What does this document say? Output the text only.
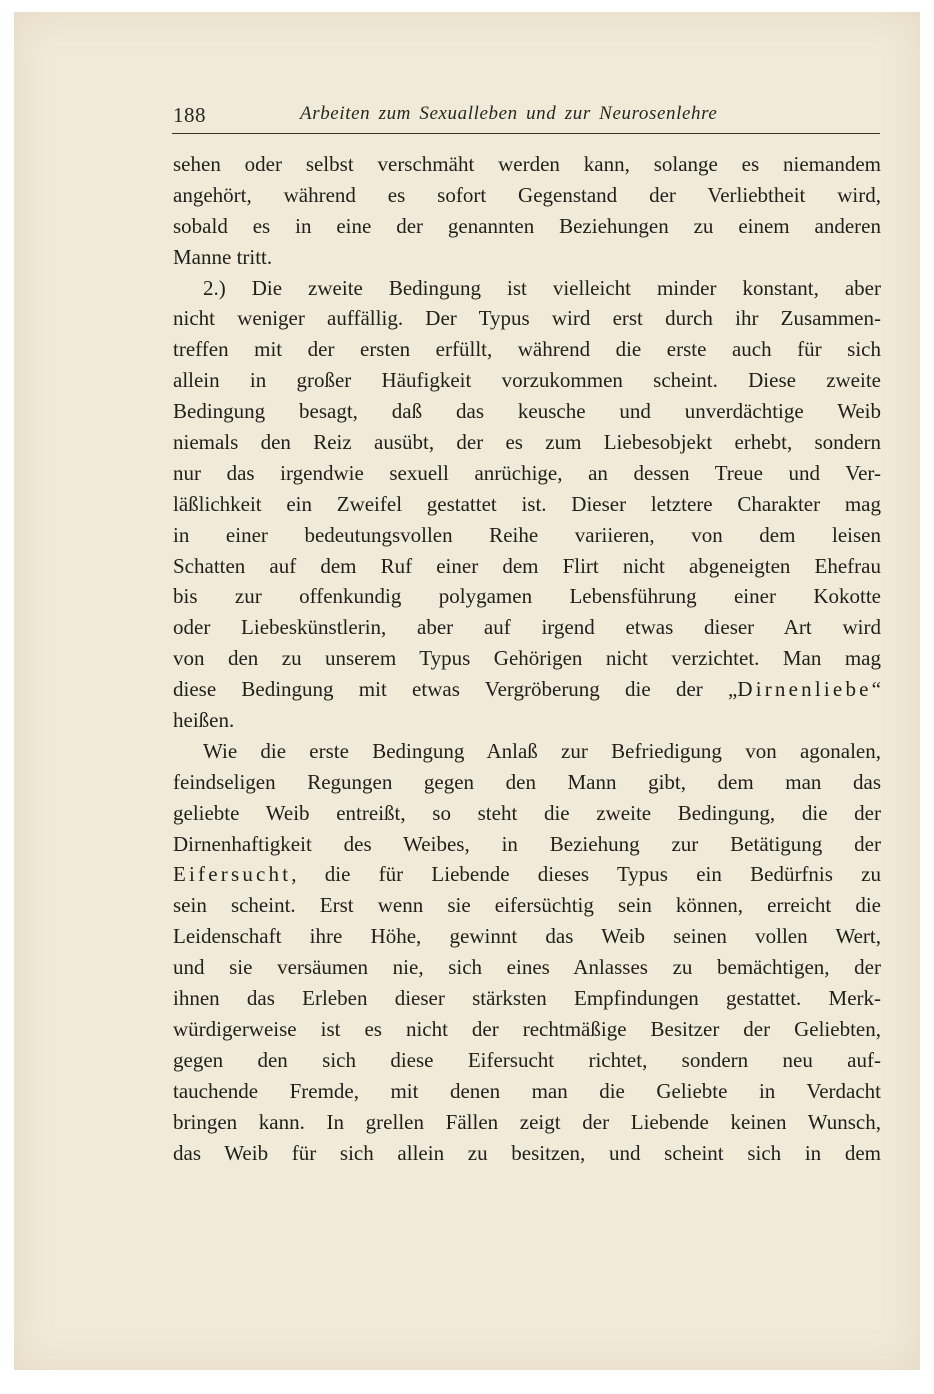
188	Arbeiten zum Sexualleben und zur Neurosenlehre
sehen oder selbst verschmäht werden kann, solange es niemandem
angehört, während es sofort Gegenstand der Verliebtheit wird,
sobald es in eine der genannten Beziehungen zu einem anderen
Manne tritt.
2.) Die zweite Bedingung ist vielleicht minder konstant, aber
nicht weniger auffällig. Der Typus wird erst durch ihr Zusammen-
treffen mit der ersten erfüllt, während die erste auch für sich
allein in großer Häufigkeit vorzukommen scheint. Diese zweite
Bedingung besagt, daß das keusche und unverdächtige Weib
niemals den Reiz ausübt, der es zum Liebesobjekt erhebt, sondern
nur das irgendwie sexuell anrüchige, an dessen Treue und Ver-
läßlichkeit ein Zweifel gestattet ist. Dieser letztere Charakter mag
in einer bedeutungsvollen Reihe variieren, von dem leisen
Schatten auf dem Ruf einer dem Flirt nicht abgeneigten Ehefrau
bis zur offenkundig polygamen Lebensführung einer Kokotte
oder Liebeskünstlerin, aber auf irgend etwas dieser Art wird
von den zu unserem Typus Gehörigen nicht verzichtet. Man mag
diese Bedingung mit etwas Vergröberung die der „Dirnenliebe“
heißen.
Wie die erste Bedingung Anlaß zur Befriedigung von agonalen,
feindseligen Regungen gegen den Mann gibt, dem man das
geliebte Weib entreißt, so steht die zweite Bedingung, die der
Dirnenhaftigkeit des Weibes, in Beziehung zur Betätigung der
Eifersucht, die für Liebende dieses Typus ein Bedürfnis zu
sein scheint. Erst wenn sie eifersüchtig sein können, erreicht die
Leidenschaft ihre Höhe, gewinnt das Weib seinen vollen Wert,
und sie versäumen nie, sich eines Anlasses zu bemächtigen, der
ihnen das Erleben dieser stärksten Empfindungen gestattet. Merk-
würdigerweise ist es nicht der rechtmäßige Besitzer der Geliebten,
gegen den sich diese Eifersucht richtet, sondern neu auf-
tauchende Fremde, mit denen man die Geliebte in Verdacht
bringen kann. In grellen Fällen zeigt der Liebende keinen Wunsch,
das Weib für sich allein zu besitzen, und scheint sich in dem
